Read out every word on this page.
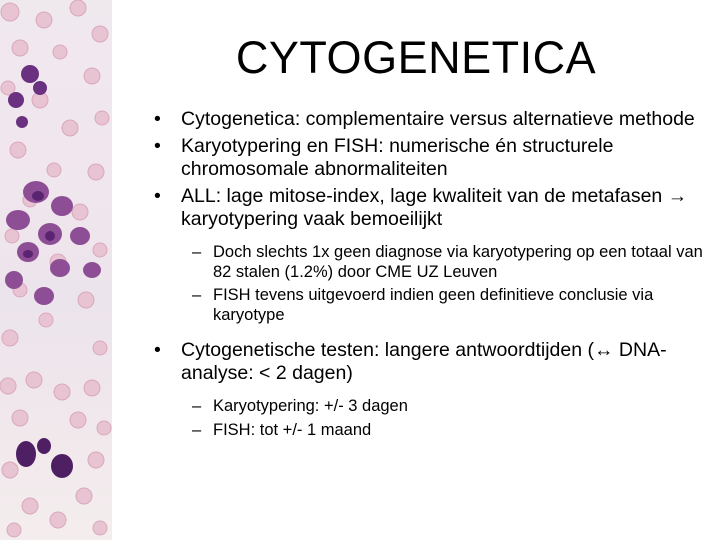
CYTOGENETICA
• Cytogenetica: complementaire versus alternatieve methode
• Karyotypering en FISH: numerische én structurele chromosomale abnormaliteiten
• ALL: lage mitose-index, lage kwaliteit van de metafasen → karyotypering vaak bemoeilijkt
– Doch slechts 1x geen diagnose via karyotypering op een totaal van 82 stalen (1.2%) door CME UZ Leuven
– FISH tevens uitgevoerd indien geen definitieve conclusie via karyotype
• Cytogenetische testen: langere antwoordtijden (↔ DNA-analyse: < 2 dagen)
– Karyotypering: +/- 3 dagen
– FISH: tot +/- 1 maand
